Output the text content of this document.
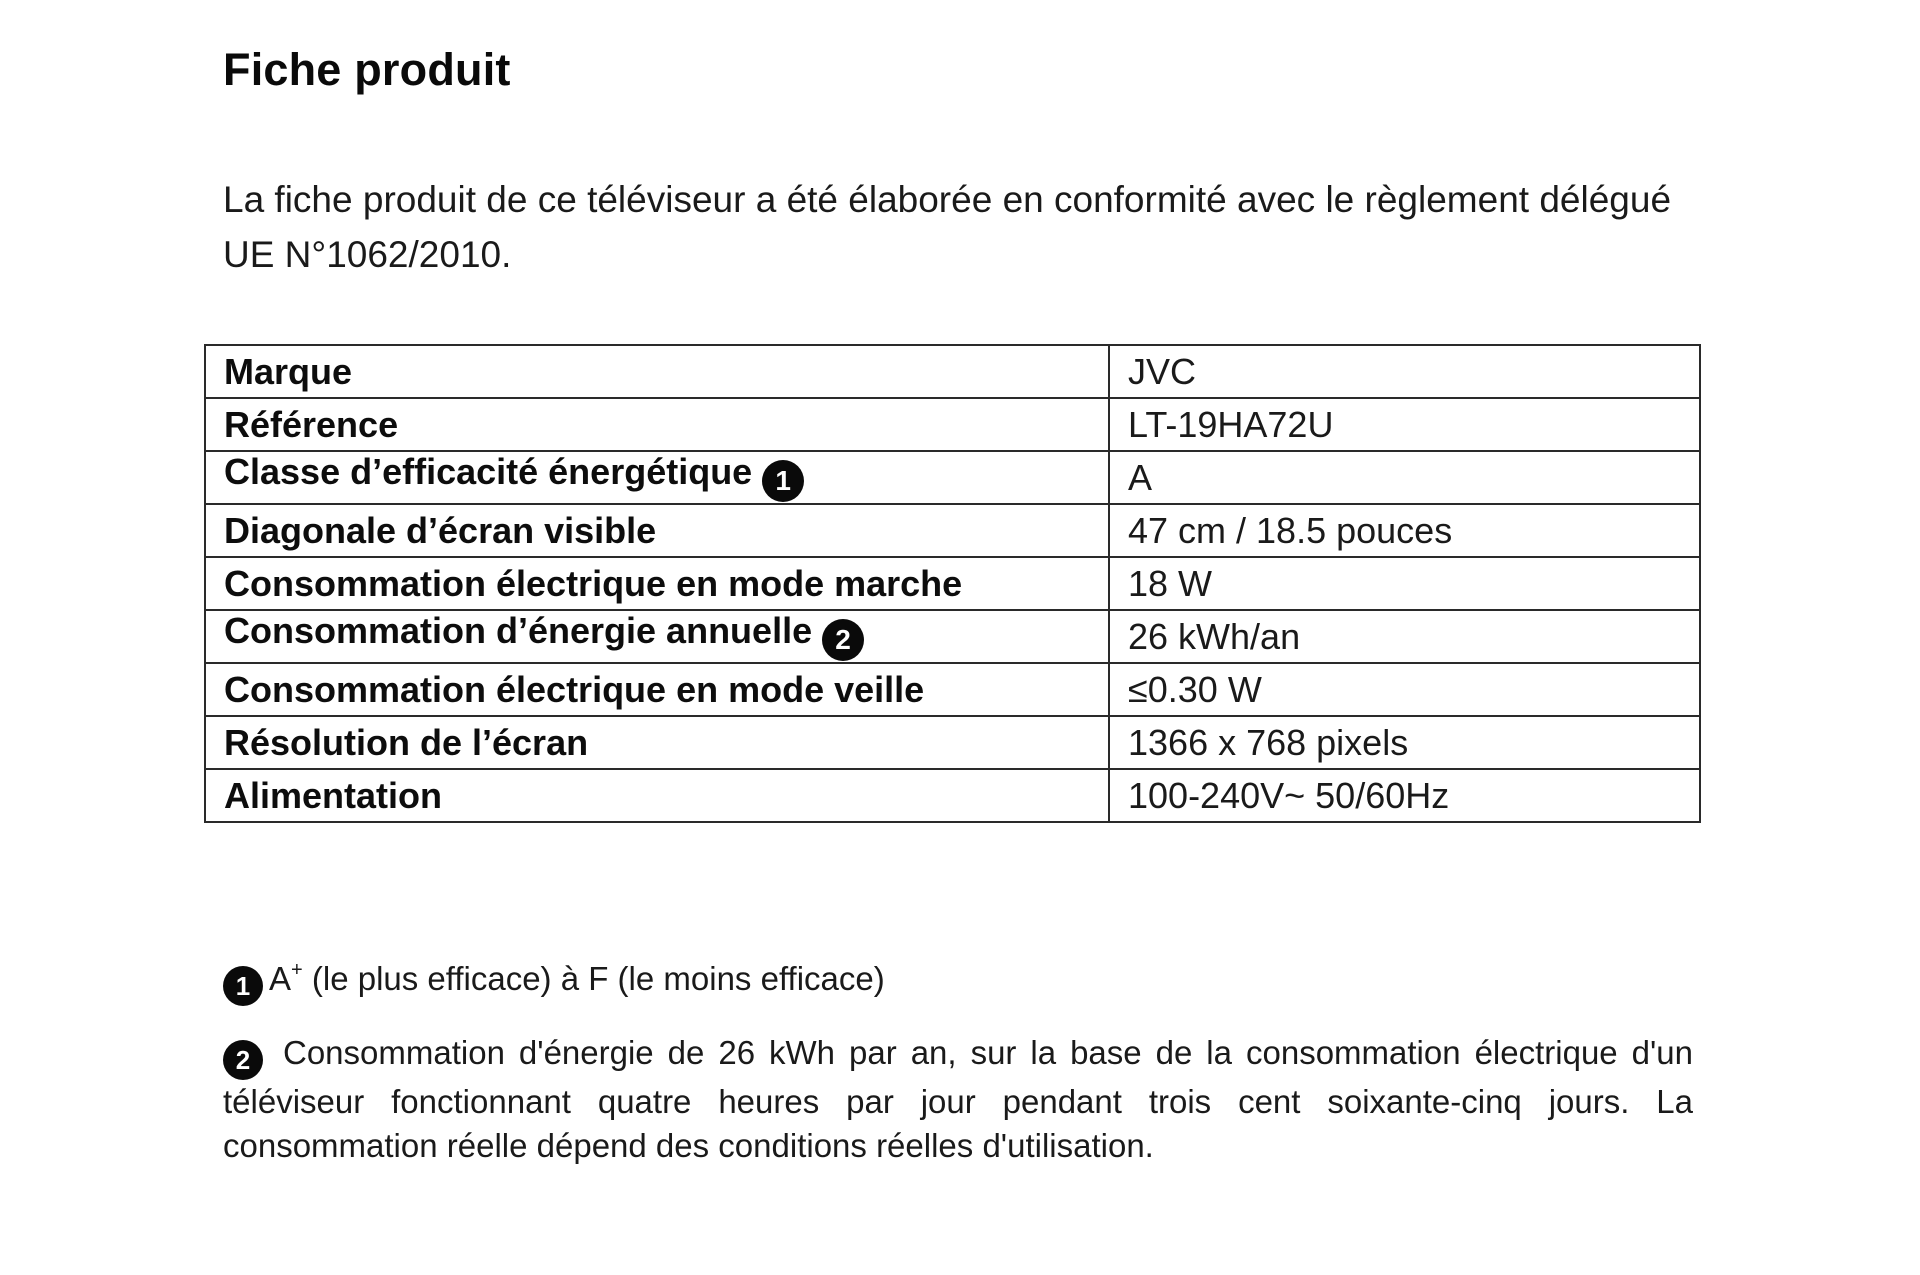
Fiche produit

La fiche produit de ce téléviseur a été élaborée en conformité avec le règlement délégué UE N°1062/2010.

Marque	JVC
Référence	LT-19HA72U
Classe d’efficacité énergétique 1	A
Diagonale d’écran visible	47 cm / 18.5 pouces
Consommation électrique en mode marche	18 W
Consommation d’énergie annuelle 2	26 kWh/an
Consommation électrique en mode veille	≤0.30 W
Résolution de l’écran	1366 x 768 pixels
Alimentation	100-240V~ 50/60Hz

1 A+ (le plus efficace) à F (le moins efficace)

2 Consommation d'énergie de 26 kWh par an, sur la base de la consommation électrique d'un téléviseur fonctionnant quatre heures par jour pendant trois cent soixante-cinq jours. La consommation réelle dépend des conditions réelles d'utilisation.
